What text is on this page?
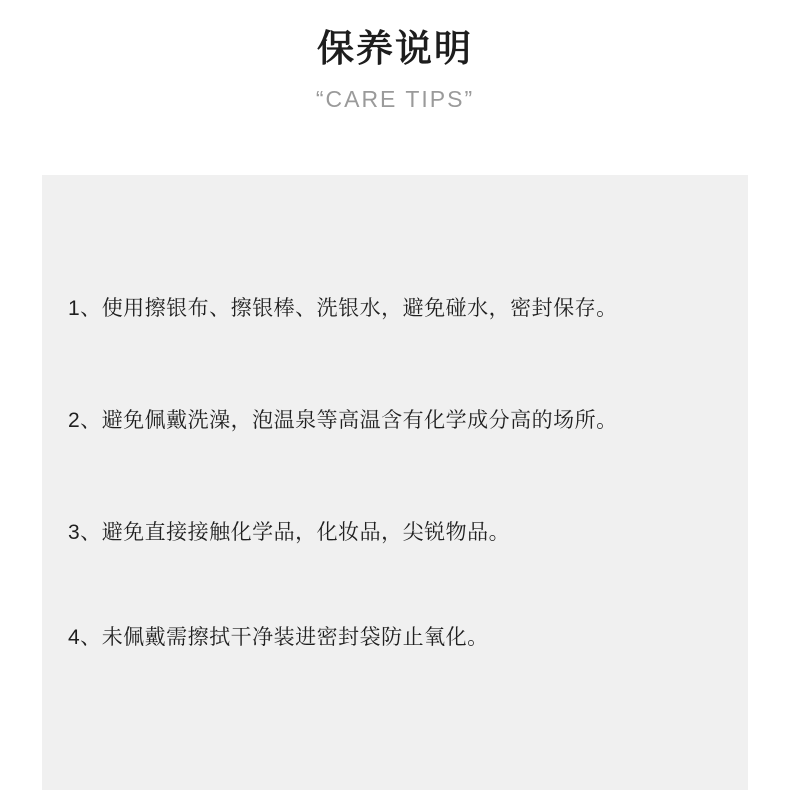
保养说明
“CARE TIPS”
1、使用擦银布、擦银棒、洗银水，避免碰水，密封保存。
2、避免佩戴洗澡，泡温泉等高温含有化学成分高的场所。
3、避免直接接触化学品，化妆品，尖锐物品。
4、未佩戴需擦拭干净装进密封袋防止氧化。
